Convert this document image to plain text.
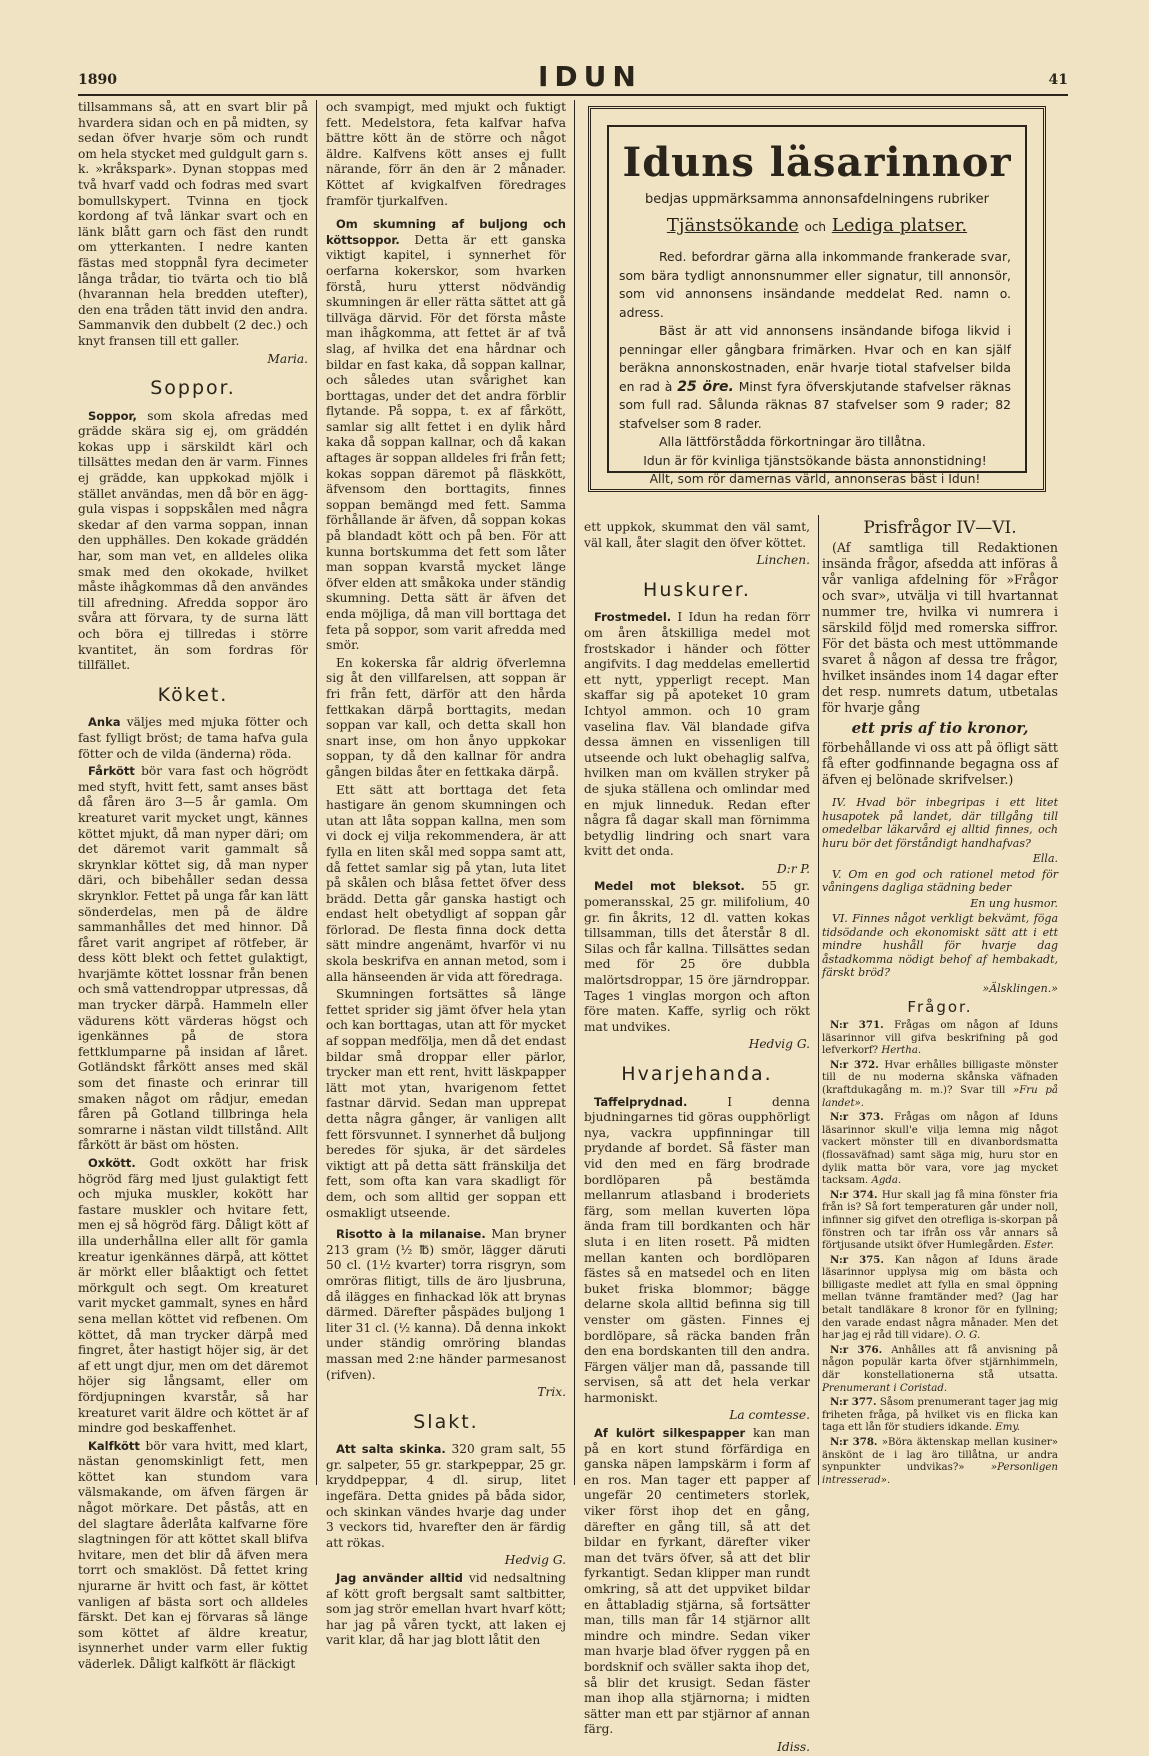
1890	IDUN	41

tillsammans så, att en svart blir på hvardera sidan och en på midten, sy sedan öfver hvarje söm och rundt om hela stycket med guldgult garn s. k. »kråkspark». Dynan stoppas med två hvarf vadd och fodras med svart bomullskypert. Tvinna en tjock kordong af två länkar svart och en länk blått garn och fäst den rundt om ytterkanten. I nedre kanten fästas med stoppnål fyra decimeter långa trådar, tio tvärta och tio blå (hvarannan hela bredden utefter), den ena tråden tätt invid den andra. Sammanvik den dubbelt (2 dec.) och knyt fransen till ett galler.

Maria.

Soppor.

Soppor, som skola afredas med grädde skära sig ej, om gräddén kokas upp i särskildt kärl och tillsättes medan den är varm. Finnes ej grädde, kan uppkokad mjölk i stället användas, men då bör en ägg-gula vispas i soppskålen med några skedar af den varma soppan, innan den upphälles. Den kokade gräddén har, som man vet, en alldeles olika smak med den okokade, hvilket måste ihågkommas då den användes till afredning. Afredda soppor äro svåra att förvara, ty de surna lätt och böra ej tillredas i större kvantitet, än som fordras för tillfället.

Köket.

Anka väljes med mjuka fötter och fast fylligt bröst; de tama hafva gula fötter och de vilda (änderna) röda.

Fårkött bör vara fast och högrödt med styft, hvitt fett, samt anses bäst då fåren äro 3—5 år gamla. Om kreaturet varit mycket ungt, kännes köttet mjukt, då man nyper däri; om det däremot varit gammalt så skrynklar köttet sig, då man nyper däri, och bibehåller sedan dessa skrynklor. Fettet på unga får kan lätt sönderdelas, men på de äldre sammanhålles det med hinnor. Då fåret varit angripet af rötfeber, är dess kött blekt och fettet gulaktigt, hvarjämte köttet lossnar från benen och små vattendroppar utpressas, då man trycker därpå. Hammeln eller vädurens kött värderas högst och igenkännes på de stora fettklumparne på insidan af låret. Gotländskt fårkött anses med skäl som det finaste och erinrar till smaken något om rådjur, emedan fåren på Gotland tillbringa hela somrarne i nästan vildt tillstånd. Allt fårkött är bäst om hösten.

Oxkött. Godt oxkött har frisk högröd färg med ljust gulaktigt fett och mjuka muskler, kokött har fastare muskler och hvitare fett, men ej så högröd färg. Dåligt kött af illa underhållna eller allt för gamla kreatur igenkännes därpå, att köttet är mörkt eller blåaktigt och fettet mörkgult och segt. Om kreaturet varit mycket gammalt, synes en hård sena mellan köttet vid refbenen. Om köttet, då man trycker därpå med fingret, åter hastigt höjer sig, är det af ett ungt djur, men om det däremot höjer sig långsamt, eller om fördjupningen kvarstår, så har kreaturet varit äldre och köttet är af mindre god beskaffenhet.

Kalfkött bör vara hvitt, med klart, nästan genomskinligt fett, men köttet kan stundom vara välsmakande, om äfven färgen är något mörkare. Det påstås, att en del slagtare åderlåta kalfvarne före slagtningen för att köttet skall blifva hvitare, men det blir då äfven mera torrt och smaklöst. Då fettet kring njurarne är hvitt och fast, är köttet vanligen af bästa sort och alldeles färskt. Det kan ej förvaras så länge som köttet af äldre kreatur, isynnerhet under varm eller fuktig väderlek. Dåligt kalfkött är fläckigt

och svampigt, med mjukt och fuktigt fett. Medelstora, feta kalfvar hafva bättre kött än de större och något äldre. Kalfvens kött anses ej fullt närande, förr än den är 2 månader. Köttet af kvigkalfven föredrages framför tjurkalfven.

Om skumning af buljong och köttsoppor. Detta är ett ganska viktigt kapitel, i synnerhet för oerfarna kokerskor, som hvarken förstå, huru ytterst nödvändig skumningen är eller rätta sättet att gå tillväga därvid. För det första måste man ihågkomma, att fettet är af två slag, af hvilka det ena hårdnar och bildar en fast kaka, då soppan kallnar, och således utan svårighet kan borttagas, under det det andra förblir flytande. På soppa, t. ex af fårkött, samlar sig allt fettet i en dylik hård kaka då soppan kallnar, och då kakan aftages är soppan alldeles fri från fett; kokas soppan däremot på fläskkött, äfvensom den borttagits, finnes soppan bemängd med fett. Samma förhållande är äfven, då soppan kokas på blandadt kött och på ben. För att kunna bortskumma det fett som låter man soppan kvarstå mycket länge öfver elden att småkoka under ständig skumning. Detta sätt är äfven det enda möjliga, då man vill borttaga det feta på soppor, som varit afredda med smör.

En kokerska får aldrig öfverlemna sig åt den villfarelsen, att soppan är fri från fett, därför att den hårda fettkakan därpå borttagits, medan soppan var kall, och detta skall hon snart inse, om hon ånyo uppkokar soppan, ty då den kallnar för andra gången bildas åter en fettkaka därpå.

Ett sätt att borttaga det feta hastigare än genom skumningen och utan att låta soppan kallna, men som vi dock ej vilja rekommendera, är att fylla en liten skål med soppa samt att, då fettet samlar sig på ytan, luta litet på skålen och blåsa fettet öfver dess brädd. Detta går ganska hastigt och endast helt obetydligt af soppan går förlorad. De flesta finna dock detta sätt mindre angenämt, hvarför vi nu skola beskrifva en annan metod, som i alla hänseenden är vida att föredraga.

Skumningen fortsättes så länge fettet sprider sig jämt öfver hela ytan och kan borttagas, utan att för mycket af soppan medfölja, men då det endast bildar små droppar eller pärlor, trycker man ett rent, hvitt läskpapper lätt mot ytan, hvarigenom fettet fastnar därvid. Sedan man upprepat detta några gånger, är vanligen allt fett försvunnet. I synnerhet då buljong beredes för sjuka, är det särdeles viktigt att på detta sätt fränskilja det fett, som ofta kan vara skadligt för dem, och som alltid ger soppan ett osmakligt utseende.

Risotto à la milanaise. Man bryner 213 gram (½ ℔) smör, lägger däruti 50 cl. (1½ kvarter) torra risgryn, som omröras flitigt, tills de äro ljusbruna, då ilägges en finhackad lök att brynas därmed. Därefter påspädes buljong 1 liter 31 cl. (½ kanna). Då denna inkokt under ständig omröring blandas massan med 2:ne händer parmesanost (rifven).

Trix.

Slakt.

Att salta skinka. 320 gram salt, 55 gr. salpeter, 55 gr. starkpeppar, 25 gr. kryddpeppar, 4 dl. sirup, litet ingefära. Detta gnides på båda sidor, och skinkan vändes hvarje dag under 3 veckors tid, hvarefter den är färdig att rökas.

Hedvig G.

Jag använder alltid vid nedsaltning af kött groft bergsalt samt saltbitter, som jag strör emellan hvart hvarf kött; har jag på våren tyckt, att laken ej varit klar, då har jag blott låtit den

Iduns läsarinnor
bedjas uppmärksamma annonsafdelningens rubriker
Tjänstsökande och Lediga platser.

Red. befordrar gärna alla inkommande frankerade svar, som bära tydligt annonsnummer eller signatur, till annonsör, som vid annonsens insändande meddelat Red. namn o. adress.

Bäst är att vid annonsens insändande bifoga likvid i penningar eller gångbara frimärken. Hvar och en kan själf beräkna annonskostnaden, enär hvarje tiotal stafvelser bilda en rad à 25 öre. Minst fyra öfverskjutande stafvelser räknas som full rad. Sålunda räknas 87 stafvelser som 9 rader; 82 stafvelser som 8 rader.

Alla lättförstådda förkortningar äro tillåtna.

Idun är för kvinliga tjänstsökande bästa annonstidning!

Allt, som rör damernas värld, annonseras bäst i Idun!

ett uppkok, skummat den väl samt, väl kall, åter slagit den öfver köttet.

Linchen.

Huskurer.

Frostmedel. I Idun ha redan förr om åren åtskilliga medel mot frostskador i händer och fötter angifvits. I dag meddelas emellertid ett nytt, ypperligt recept. Man skaffar sig på apoteket 10 gram Ichtyol ammon. och 10 gram vaselina flav. Väl blandade gifva dessa ämnen en vissenligen till utseende och lukt obehaglig salfva, hvilken man om kvällen stryker på de sjuka ställena och omlindar med en mjuk linneduk. Redan efter några få dagar skall man förnimma betydlig lindring och snart vara kvitt det onda.

D:r P.

Medel mot bleksot. 55 gr. pomeransskal, 25 gr. milifolium, 40 gr. fin åkrits, 12 dl. vatten kokas tillsamman, tills det återstår 8 dl. Silas och får kallna. Tillsättes sedan med för 25 öre dubbla malörtsdroppar, 15 öre järndroppar. Tages 1 vinglas morgon och afton före maten. Kaffe, syrlig och rökt mat undvikes.

Hedvig G.

Hvarjehanda.

Taffelprydnad.	I denna bjudningarnes tid göras oupphörligt nya, vackra uppfinningar till prydande af bordet. Så fäster man vid den med en färg brodrade bordlöparen på bestämda mellanrum atlasband i broderiets färg, som mellan kuverten löpa ända fram till bordkanten och här sluta i en liten rosett. På midten mellan kanten och bordlöparen fästes så en matsedel och en liten buket friska blommor; bägge delarne skola alltid befinna sig till venster om gästen. Finnes ej bordlöpare, så räcka banden från den ena bordskanten till den andra. Färgen väljer man då, passande till servisen, så att det hela verkar harmoniskt.

La comtesse.

Af kulört silkespapper kan man på en kort stund förfärdiga en ganska näpen lampskärm i form af en ros. Man tager ett papper af ungefär 20 centimeters storlek, viker först ihop det en gång, därefter en gång till, så att det bildar en fyrkant, därefter viker man det tvärs öfver, så att det blir fyrkantigt. Sedan klipper man rundt omkring, så att det uppviket bildar en åttabladig stjärna, så fortsätter man, tills man får 14 stjärnor allt mindre och mindre. Sedan viker man hvarje blad öfver ryggen på en bordsknif och sväller sakta ihop det, så blir det krusigt. Sedan fäster man ihop alla stjärnorna; i midten sätter man ett par stjärnor af annan färg.

Idiss.

Prisfrågor IV—VI.

(Af samtliga till Redaktionen insända frågor, afsedda att införas å vår vanliga afdelning för »Frågor och svar», utvälja vi till hvartannat nummer tre, hvilka vi numrera i särskild följd med romerska siffror. För det bästa och mest uttömmande svaret å någon af dessa tre frågor, hvilket insändes inom 14 dagar efter det resp. numrets datum, utbetalas för hvarje gång

ett pris af tio kronor,

förbehållande vi oss att på öfligt sätt få efter godfinnande begagna oss af äfven ej belönade skrifvelser.)

IV. Hvad bör inbegripas i ett litet husapotek på landet, där tillgång till omedelbar läkarvård ej alltid finnes, och huru bör det förståndigt handhafvas?

Ella.

V. Om en god och rationel metod för våningens dagliga städning beder

En ung husmor.

VI. Finnes något verkligt bekvämt, föga tidsödande och ekonomiskt sätt att i ett mindre hushåll för hvarje dag åstadkomma nödigt behof af hembakadt, färskt bröd?

»Älsklingen.»

Frågor.

N:r 371. Frågas om någon af Iduns läsarinnor vill gifva beskrifning på god lefverkorf? Hertha.

N:r 372. Hvar erhålles billigaste mönster till de nu moderna skånska väfnaden (kraftdukagång m. m.)? Svar till »Fru på landet».

N:r 373. Frågas om någon af Iduns läsarinnor skull'e vilja lemna mig något vackert mönster till en divanbordsmatta (flossaväfnad) samt säga mig, huru stor en dylik matta bör vara, vore jag mycket tacksam. Agda.

N:r 374. Hur skall jag få mina fönster fria från is? Så fort temperaturen går under noll, infinner sig gifvet den otrefliga is-skorpan på fönstren och tar ifrån oss vår annars så förtjusande utsikt öfver Humlegården. Ester.

N:r 375. Kan någon af Iduns ärade läsarinnor upplysa mig om bästa och billigaste medlet att fylla en smal öppning mellan tvänne framtänder med? (Jag har betalt tandläkare 8 kronor för en fyllning; den varade endast några månader. Men det har jag ej råd till vidare). O. G.

N:r 376. Anhålles att få anvisning på någon populär karta öfver stjärnhimmeln, där konstellationerna stå utsatta. Prenumerant i Coristad.

N:r 377. Såsom prenumerant tager jag mig friheten fråga, på hvilket vis en flicka kan taga ett lån för studiers idkande. Emy.

N:r 378. »Böra äktenskap mellan kusiner» änskönt de i lag äro tillåtna, ur andra synpunkter undvikas?»	»Personligen intresserad».
